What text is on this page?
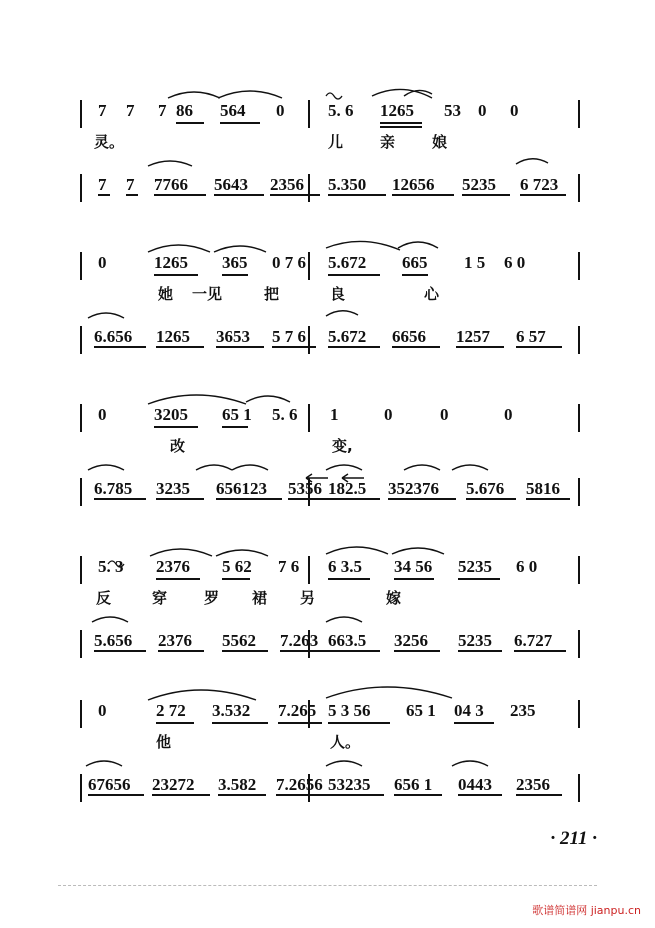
7 7 7 86 564 0	5. 6 1265 53 0 0
灵。	儿 亲 娘
7 7 7766 5643 2356 5.350 12656 5235 6 723
0	1265 365 0 7 6 5.672 665 1 5 6 0
她 一见	把	良	心
6.656 1265 3653 5 7 6 5.672 6656 1257 6 57
0	3205 65 1 5. 6 1	0	0	0
改	变,
6.785 3235 656123 5356 182.5 352376 5.676 5816
5. 3 2376 5 62 7 6 6 3.5 34 56 5235 6 0
反	穿 罗 裙 另	嫁
5.656 2376 5562 7.263 663.5 3256 5235 6.727
0	2 72 3.532 7.265 5 3 56 65 1 04 3 235
他	人。
67656 23272 3.582 7.2656 53235 656 1 0443 2356
· 211 ·
歌谱简谱网 jianpu.cn
